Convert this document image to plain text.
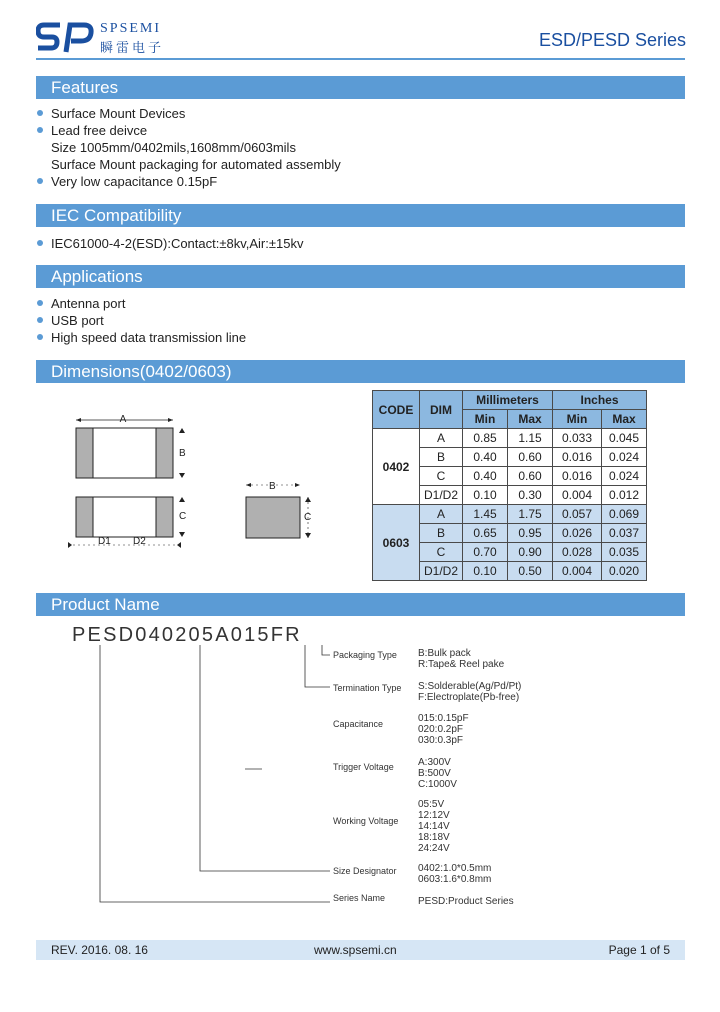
SPSEMI
瞬雷电子	ESD/PESD Series
Features
Surface Mount Devices
Lead free deivce
Size 1005mm/0402mils,1608mm/0603mils
Surface Mount packaging for automated assembly
Very low capacitance 0.15pF
IEC Compatibility
IEC61000-4-2(ESD):Contact:±8kv,Air:±15kv
Applications
Antenna port
USB port
High speed data transmission line
Dimensions(0402/0603)
A
B
C
D1 D2
B
C
CODE	DIM	Millimeters		Inches	
		Min	Max	Min	Max
0402	A	0.85	1.15	0.033	0.045
	B	0.40	0.60	0.016	0.024
	C	0.40	0.60	0.016	0.024
	D1/D2	0.10	0.30	0.004	0.012
0603	A	1.45	1.75	0.057	0.069
	B	0.65	0.95	0.026	0.037
	C	0.70	0.90	0.028	0.035
	D1/D2	0.10	0.50	0.004	0.020
Product Name
PESD040205A015FR
Packaging Type B:Bulk pack
R:Tape& Reel pake
Termination Type S:Solderable(Ag/Pd/Pt)
F:Electroplate(Pb-free)
Capacitance	015:0.15pF
020:0.2pF
030:0.3pF
Trigger Voltage A:300V
B:500V
C:1000V
Working Voltage
05:5V
12:12V
14:14V
18:18V
24:24V
Size Designator 0402:1.0*0.5mm
0603:1.6*0.8mm
Series Name	PESD:Product Series
REV. 2016. 08. 16	www.spsemi.cn	Page 1 of 5
